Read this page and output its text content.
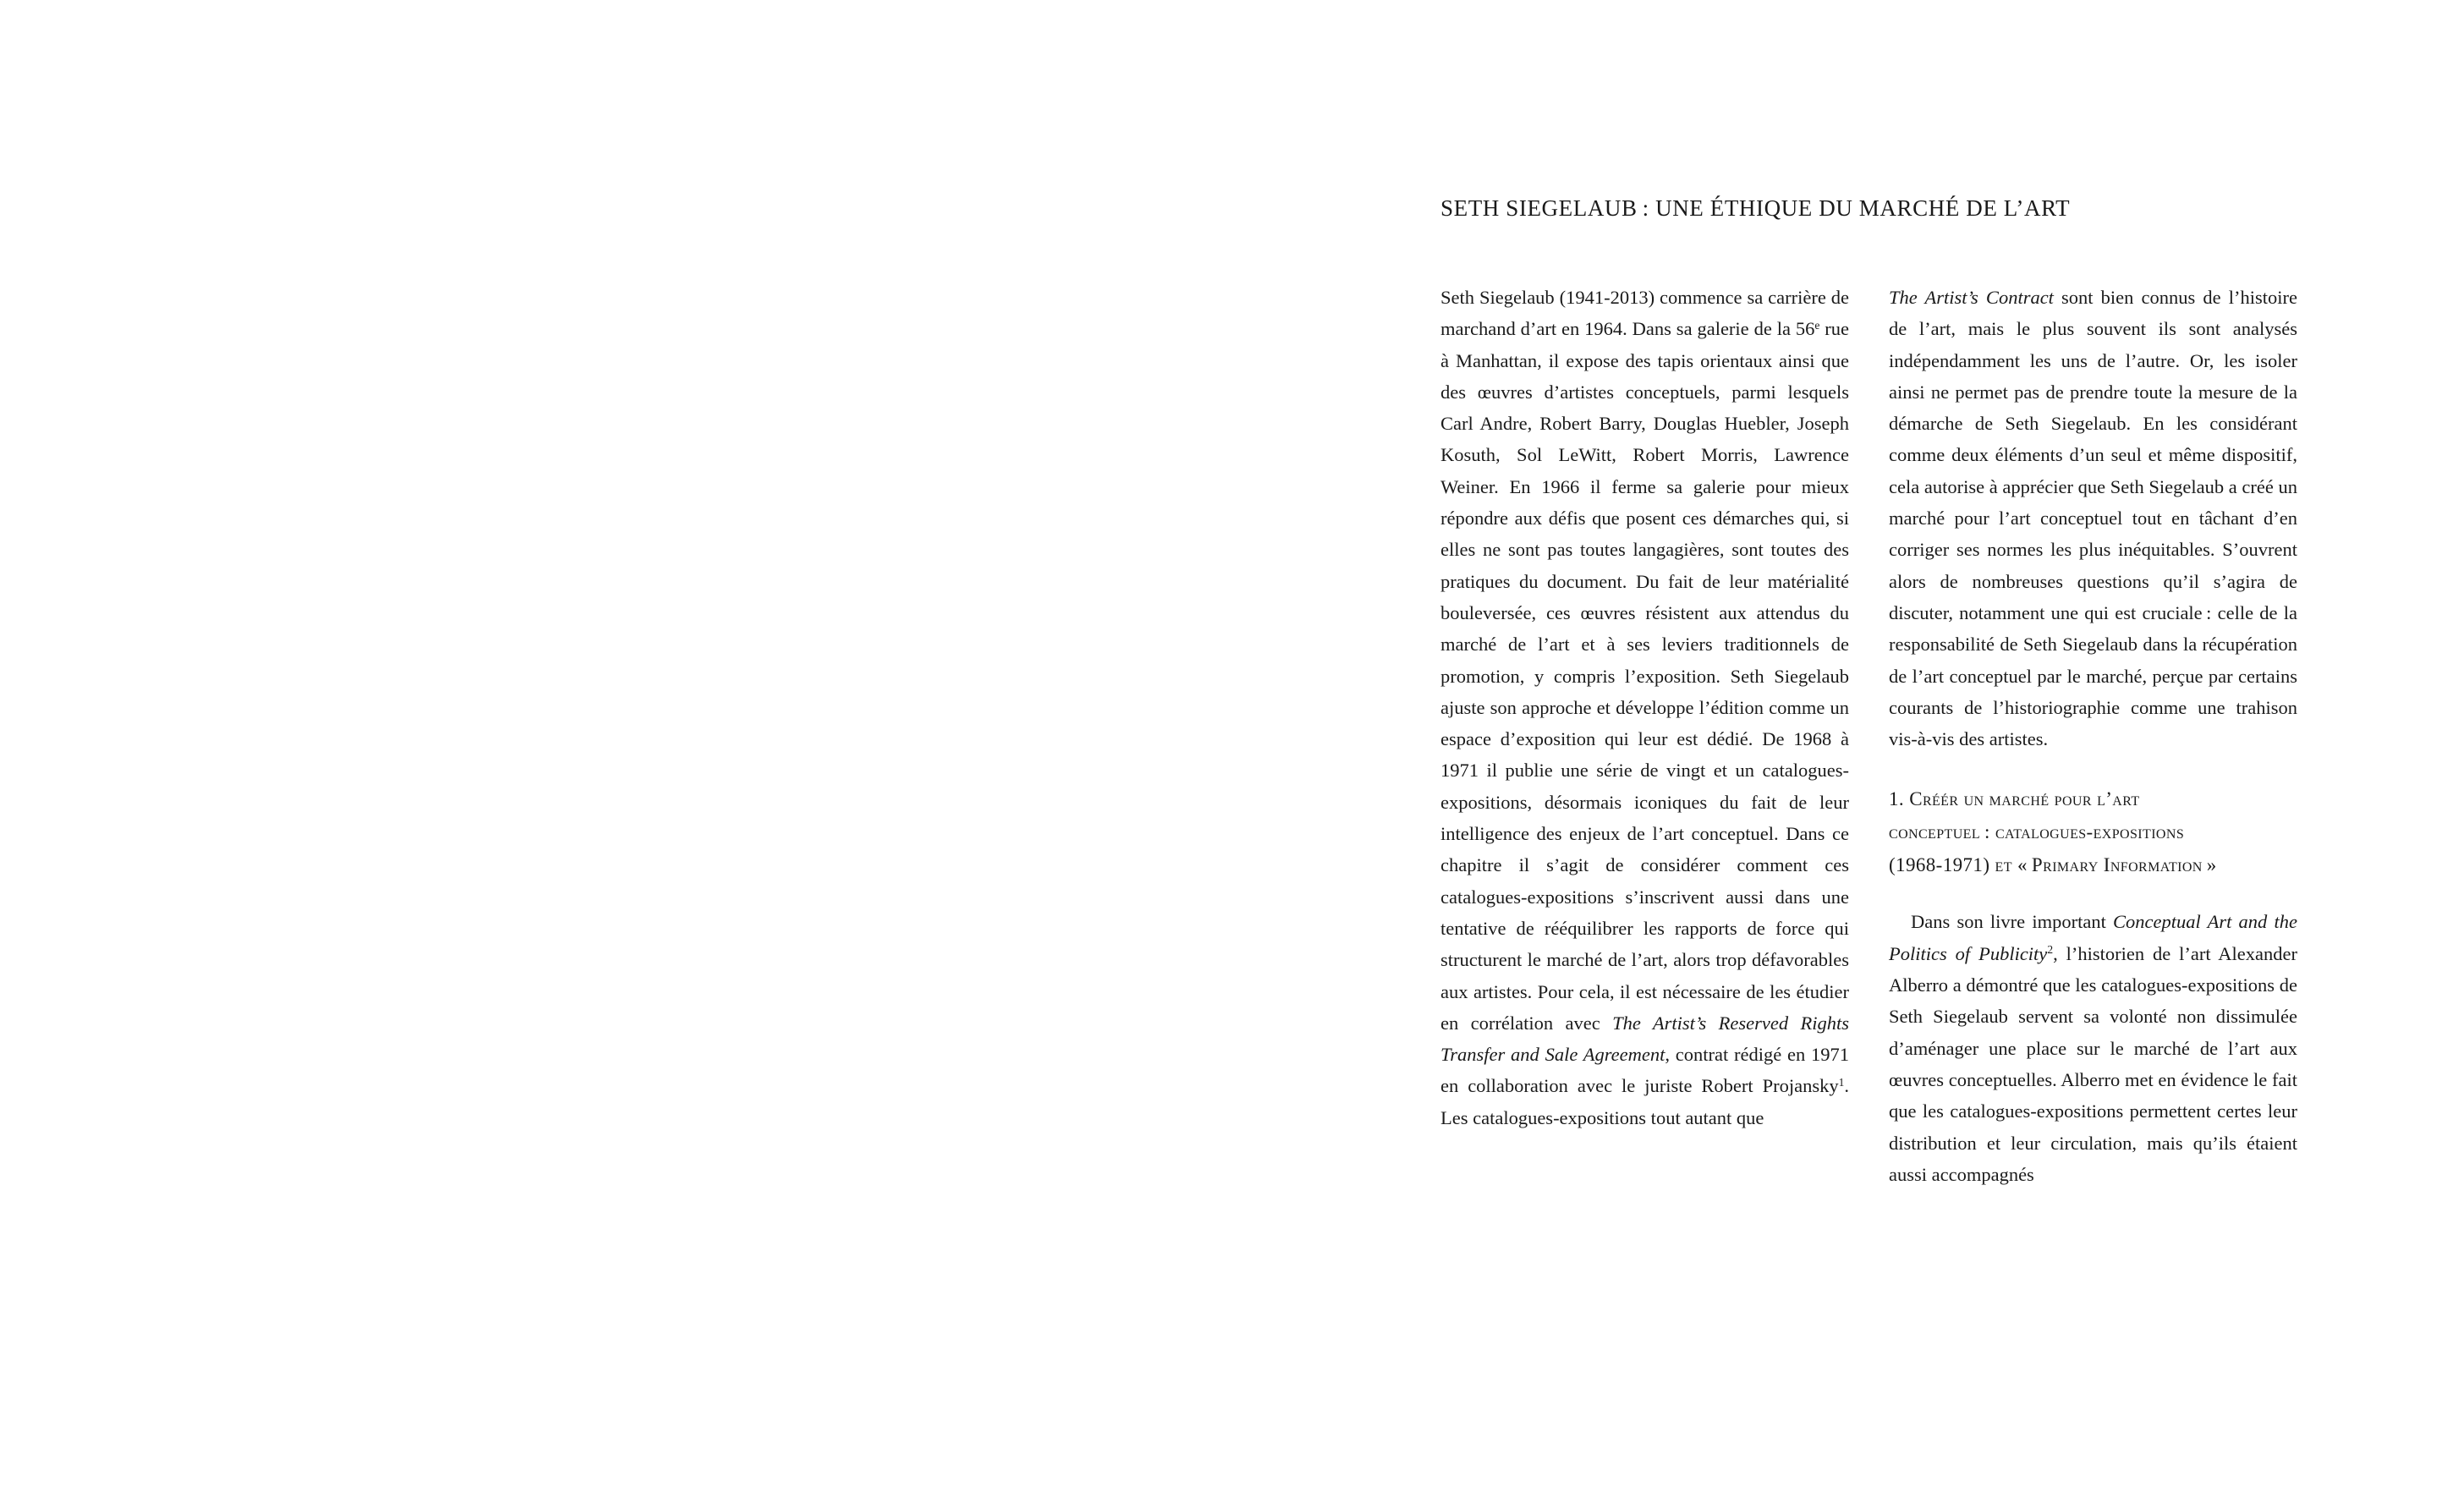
SETH SIEGELAUB : UNE ÉTHIQUE DU MARCHÉ DE L’ART

Seth Siegelaub (1941-2013) commence sa carrière de marchand d’art en 1964. Dans sa galerie de la 56e rue à Manhattan, il expose des tapis orientaux ainsi que des œuvres d’artistes conceptuels, parmi lesquels Carl Andre, Robert Barry, Douglas Huebler, Joseph Kosuth, Sol LeWitt, Robert Morris, Lawrence Weiner. En 1966 il ferme sa galerie pour mieux répondre aux défis que posent ces démarches qui, si elles ne sont pas toutes langagières, sont toutes des pratiques du document. Du fait de leur matérialité bouleversée, ces œuvres résistent aux attendus du marché de l’art et à ses leviers traditionnels de promotion, y compris l’exposition. Seth Siegelaub ajuste son approche et développe l’édition comme un espace d’exposition qui leur est dédié. De 1968 à 1971 il publie une série de vingt et un catalogues-expositions, désormais iconiques du fait de leur intelligence des enjeux de l’art conceptuel. Dans ce chapitre il s’agit de considérer comment ces catalogues-expositions s’inscrivent aussi dans une tentative de rééquilibrer les rapports de force qui structurent le marché de l’art, alors trop défavorables aux artistes. Pour cela, il est nécessaire de les étudier en corrélation avec The Artist’s Reserved Rights Transfer and Sale Agreement, contrat rédigé en 1971 en collaboration avec le juriste Robert Projansky$^1$. Les catalogues-expositions tout autant que

The Artist’s Contract sont bien connus de l’histoire de l’art, mais le plus souvent ils sont analysés indépendamment les uns de l’autre. Or, les isoler ainsi ne permet pas de prendre toute la mesure de la démarche de Seth Siegelaub. En les considérant comme deux éléments d’un seul et même dispositif, cela autorise à apprécier que Seth Siegelaub a créé un marché pour l’art conceptuel tout en tâchant d’en corriger ses normes les plus inéquitables. S’ouvrent alors de nombreuses questions qu’il s’agira de discuter, notamment une qui est cruciale : celle de la responsabilité de Seth Siegelaub dans la récupération de l’art conceptuel par le marché, perçue par certains courants de l’historiographie comme une trahison vis-à-vis des artistes.

1. Créér un marché pour l’art
conceptuel : catalogues-expositions
(1968-1971) et « Primary Information »

Dans son livre important Conceptual Art and the Politics of Publicity$^2$, l’historien de l’art Alexander Alberro a démontré que les catalogues-expositions de Seth Siegelaub servent sa volonté non dissimulée d’aménager une place sur le marché de l’art aux œuvres conceptuelles. Alberro met en évidence le fait que les catalogues-expositions permettent certes leur distribution et leur circulation, mais qu’ils étaient aussi accompagnés
